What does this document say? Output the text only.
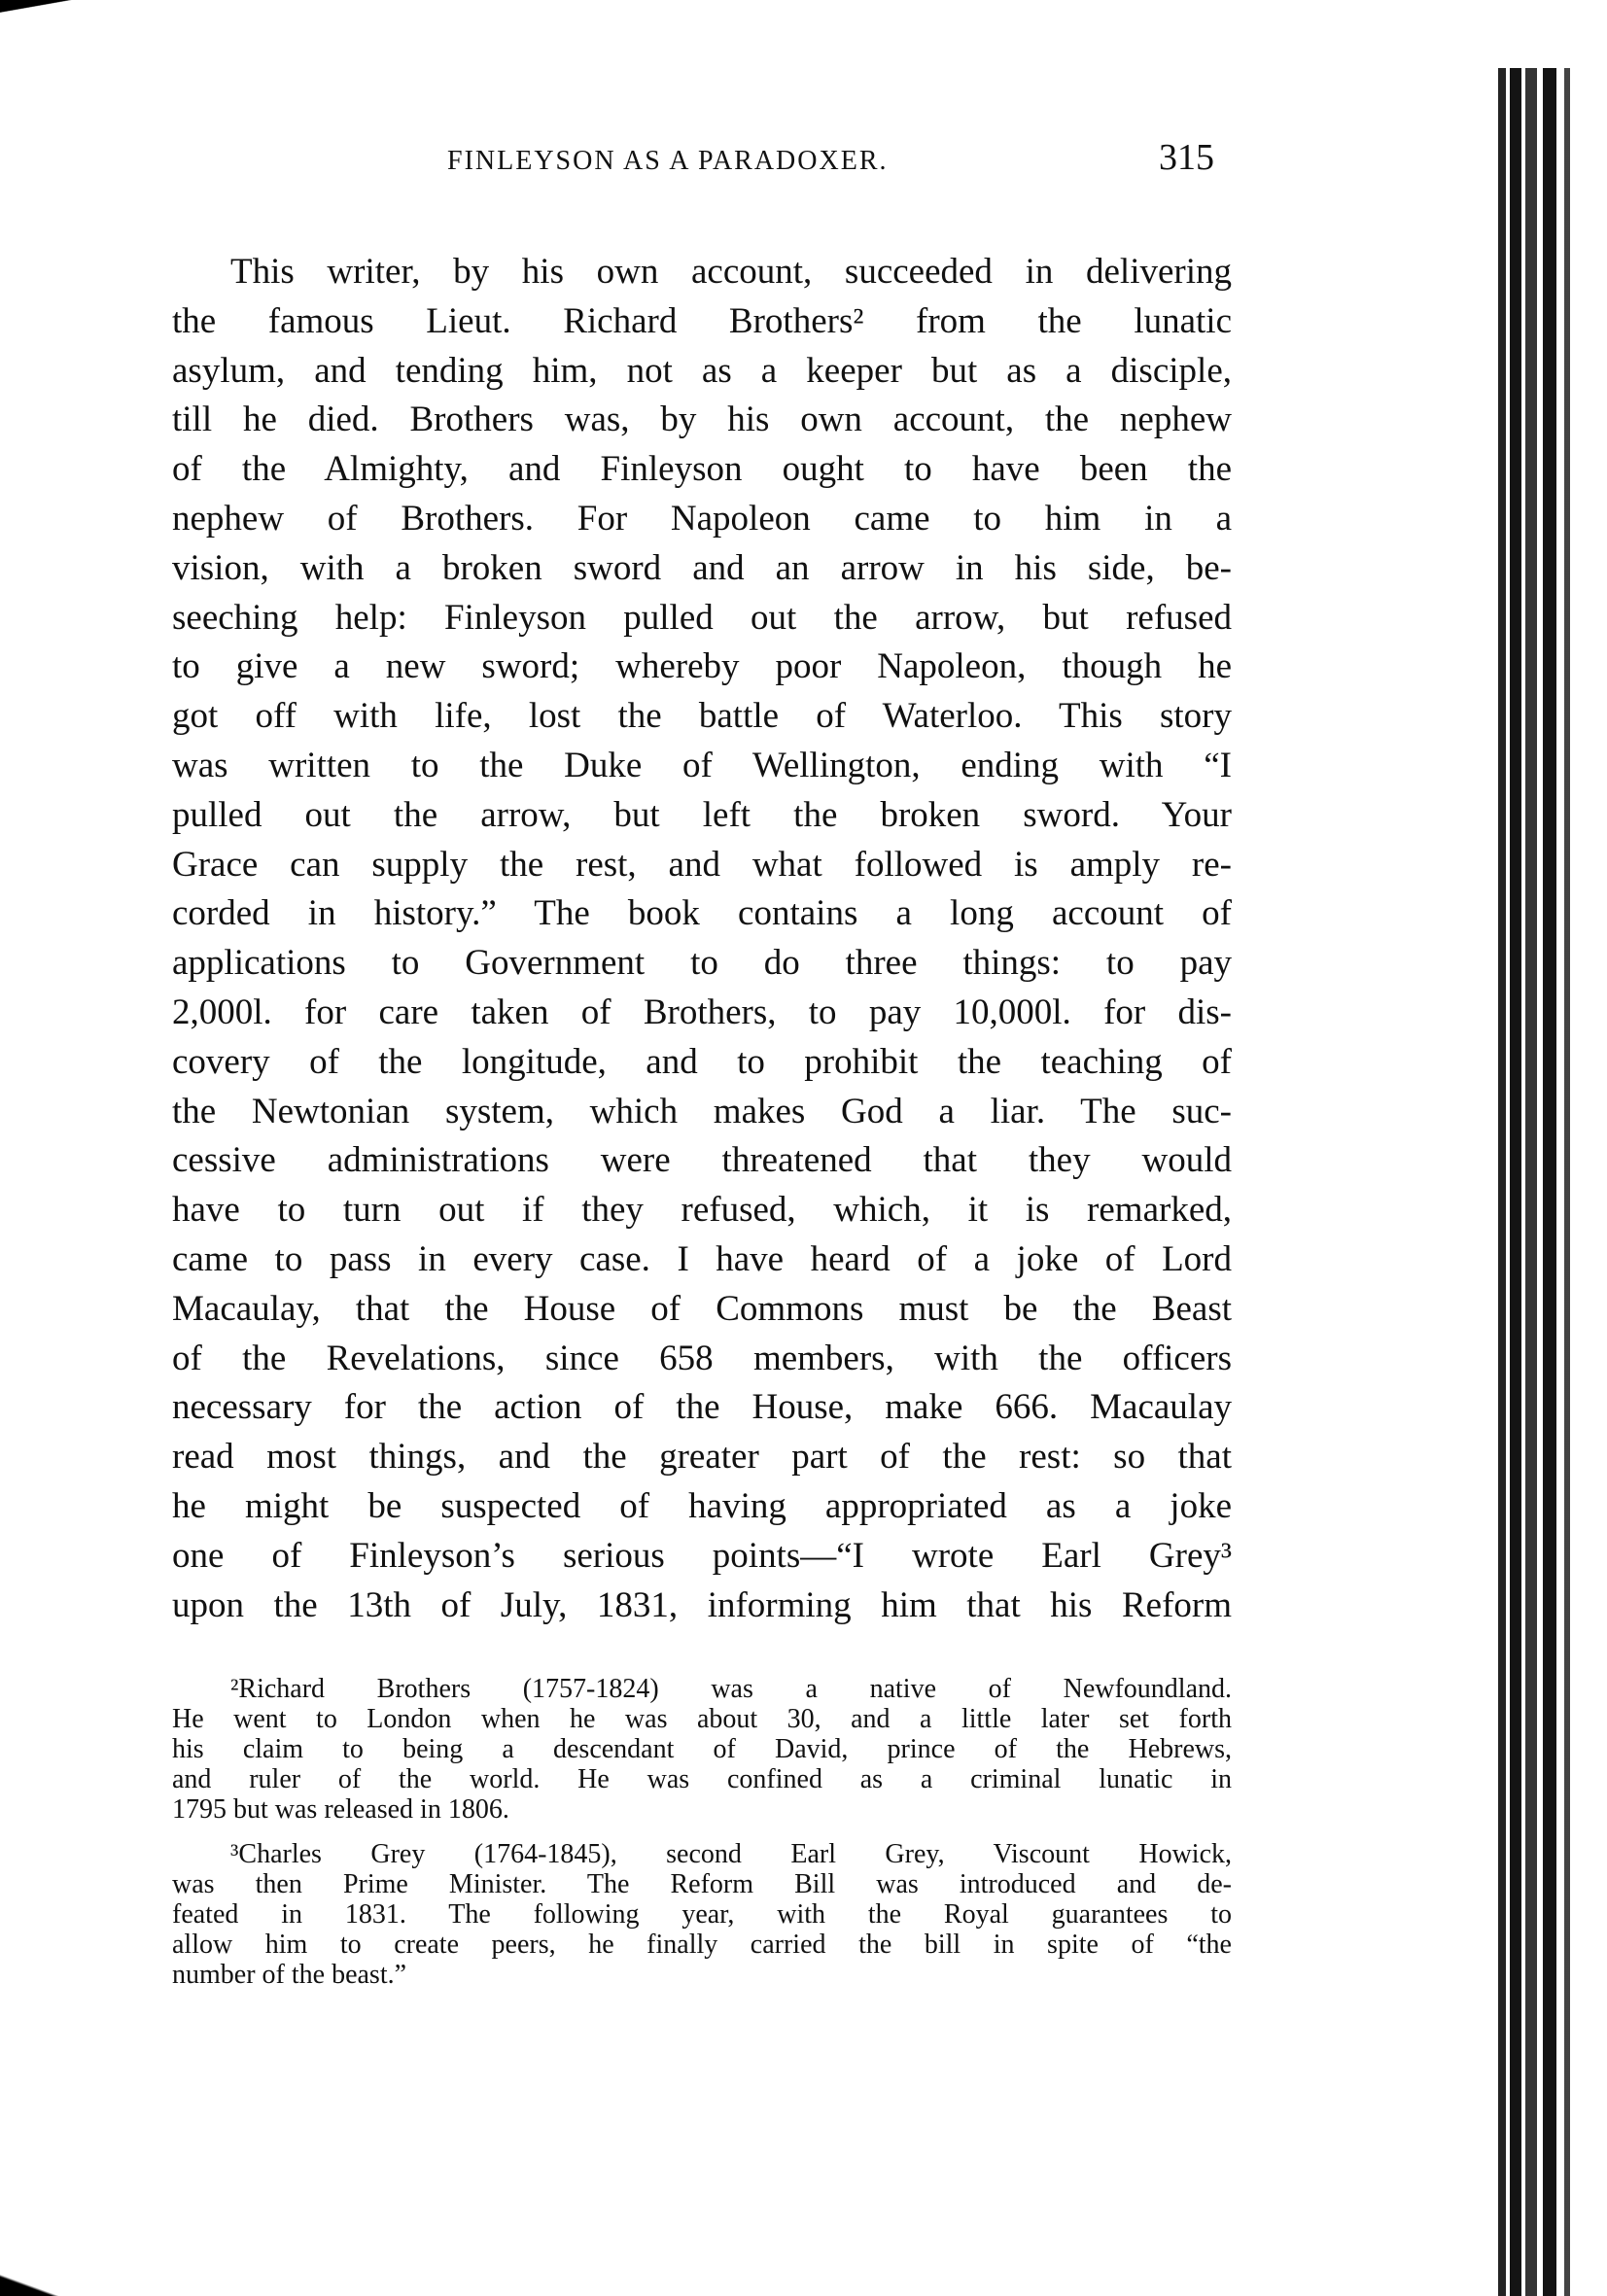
FINLEYSON AS A PARADOXER.	315
This writer, by his own account, succeeded in delivering
the famous Lieut. Richard Brothers² from the lunatic
asylum, and tending him, not as a keeper but as a disciple,
till he died. Brothers was, by his own account, the nephew
of the Almighty, and Finleyson ought to have been the
nephew of Brothers. For Napoleon came to him in a
vision, with a broken sword and an arrow in his side, be-
seeching help: Finleyson pulled out the arrow, but refused
to give a new sword; whereby poor Napoleon, though he
got off with life, lost the battle of Waterloo. This story
was written to the Duke of Wellington, ending with “I
pulled out the arrow, but left the broken sword. Your
Grace can supply the rest, and what followed is amply re-
corded in history.” The book contains a long account of
applications to Government to do three things: to pay
2,000l. for care taken of Brothers, to pay 10,000l. for dis-
covery of the longitude, and to prohibit the teaching of
the Newtonian system, which makes God a liar. The suc-
cessive administrations were threatened that they would
have to turn out if they refused, which, it is remarked,
came to pass in every case. I have heard of a joke of Lord
Macaulay, that the House of Commons must be the Beast
of the Revelations, since 658 members, with the officers
necessary for the action of the House, make 666. Macaulay
read most things, and the greater part of the rest: so that
he might be suspected of having appropriated as a joke
one of Finleyson’s serious points—“I wrote Earl Grey³
upon the 13th of July, 1831, informing him that his Reform
²Richard Brothers (1757-1824) was a native of Newfoundland.
He went to London when he was about 30, and a little later set forth
his claim to being a descendant of David, prince of the Hebrews,
and ruler of the world. He was confined as a criminal lunatic in
1795 but was released in 1806.
³Charles Grey (1764-1845), second Earl Grey, Viscount Howick,
was then Prime Minister. The Reform Bill was introduced and de-
feated in 1831. The following year, with the Royal guarantees to
allow him to create peers, he finally carried the bill in spite of “the
number of the beast.”
